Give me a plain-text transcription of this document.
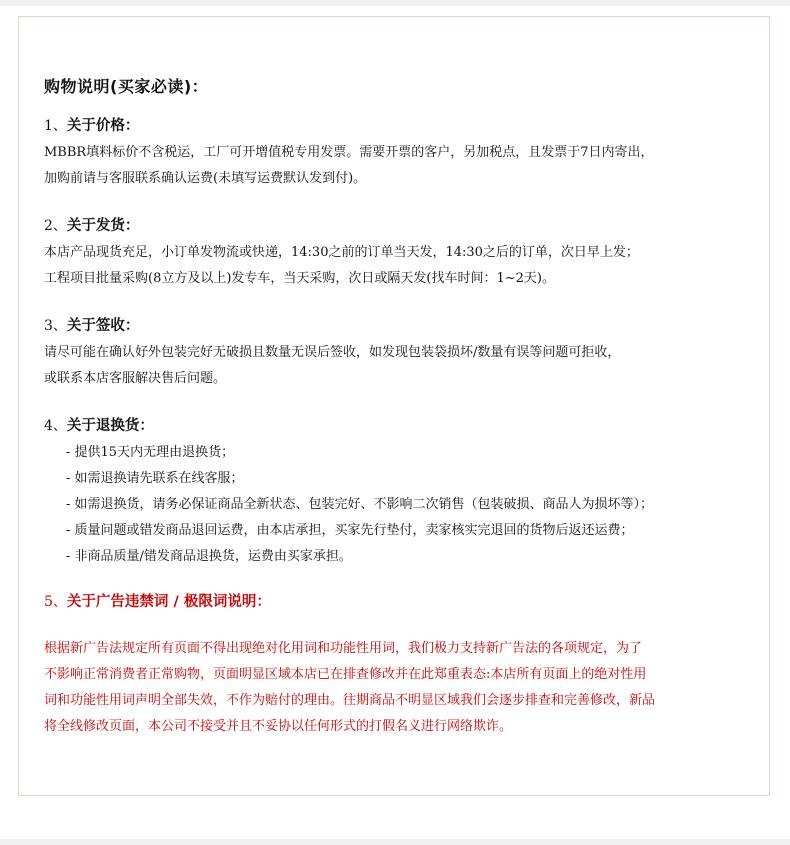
购物说明(买家必读)：

1、关于价格：

MBBR填料标价不含税运，工厂可开增值税专用发票。需要开票的客户，另加税点，且发票于7日内寄出，

加购前请与客服联系确认运费(未填写运费默认发到付)。

2、关于发货：

本店产品现货充足，小订单发物流或快递，14:30之前的订单当天发，14:30之后的订单，次日早上发；

工程项目批量采购(8立方及以上)发专车，当天采购，次日或隔天发(找车时间：1~2天)。

3、关于签收：

请尽可能在确认好外包装完好无破损且数量无误后签收，如发现包装袋损坏/数量有误等问题可拒收，

或联系本店客服解决售后问题。

4、关于退换货：

- 提供15天内无理由退换货；

- 如需退换请先联系在线客服；

- 如需退换货，请务必保证商品全新状态、包装完好、不影响二次销售（包装破损、商品人为损坏等）；

- 质量问题或错发商品退回运费，由本店承担，买家先行垫付，卖家核实完退回的货物后返还运费；

- 非商品质量/错发商品退换货，运费由买家承担。

5、关于广告违禁词 / 极限词说明：

根据新广告法规定所有页面不得出现绝对化用词和功能性用词，我们极力支持新广告法的各项规定，为了

不影响正常消费者正常购物，页面明显区域本店已在排查修改并在此郑重表态:本店所有页面上的绝对性用

词和功能性用词声明全部失效，不作为赔付的理由。往期商品不明显区域我们会逐步排查和完善修改，新品

将全线修改页面，本公司不接受并且不妥协以任何形式的打假名义进行网络欺诈。
